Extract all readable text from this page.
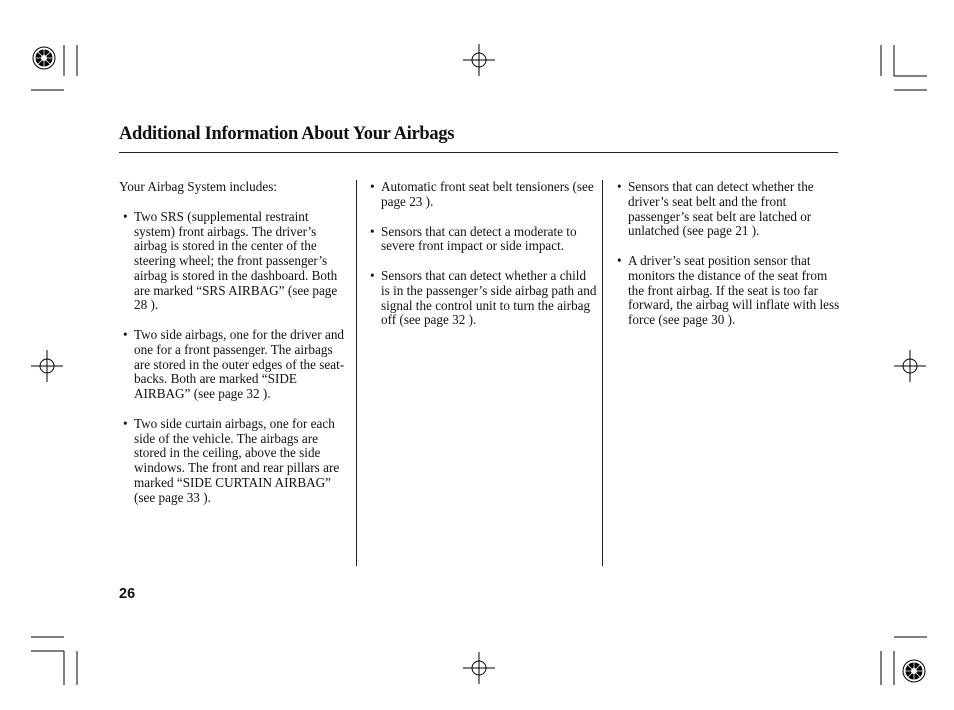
Additional Information About Your Airbags
Your Airbag System includes:
• Two SRS (supplemental restraint system) front airbags. The driver’s airbag is stored in the center of the steering wheel; the front passenger’s airbag is stored in the dashboard. Both are marked “SRS AIRBAG” (see page 28 ).
• Two side airbags, one for the driver and one for a front passenger. The airbags are stored in the outer edges of the seat-backs. Both are marked “SIDE AIRBAG” (see page 32 ).
• Two side curtain airbags, one for each side of the vehicle. The airbags are stored in the ceiling, above the side windows. The front and rear pillars are marked “SIDE CURTAIN AIRBAG” (see page 33 ).
• Automatic front seat belt tensioners (see page 23 ).
• Sensors that can detect a moderate to severe front impact or side impact.
• Sensors that can detect whether a child is in the passenger’s side airbag path and signal the control unit to turn the airbag off (see page 32 ).
• Sensors that can detect whether the driver’s seat belt and the front passenger’s seat belt are latched or unlatched (see page 21 ).
• A driver’s seat position sensor that monitors the distance of the seat from the front airbag. If the seat is too far forward, the airbag will inflate with less force (see page 30 ).
26
